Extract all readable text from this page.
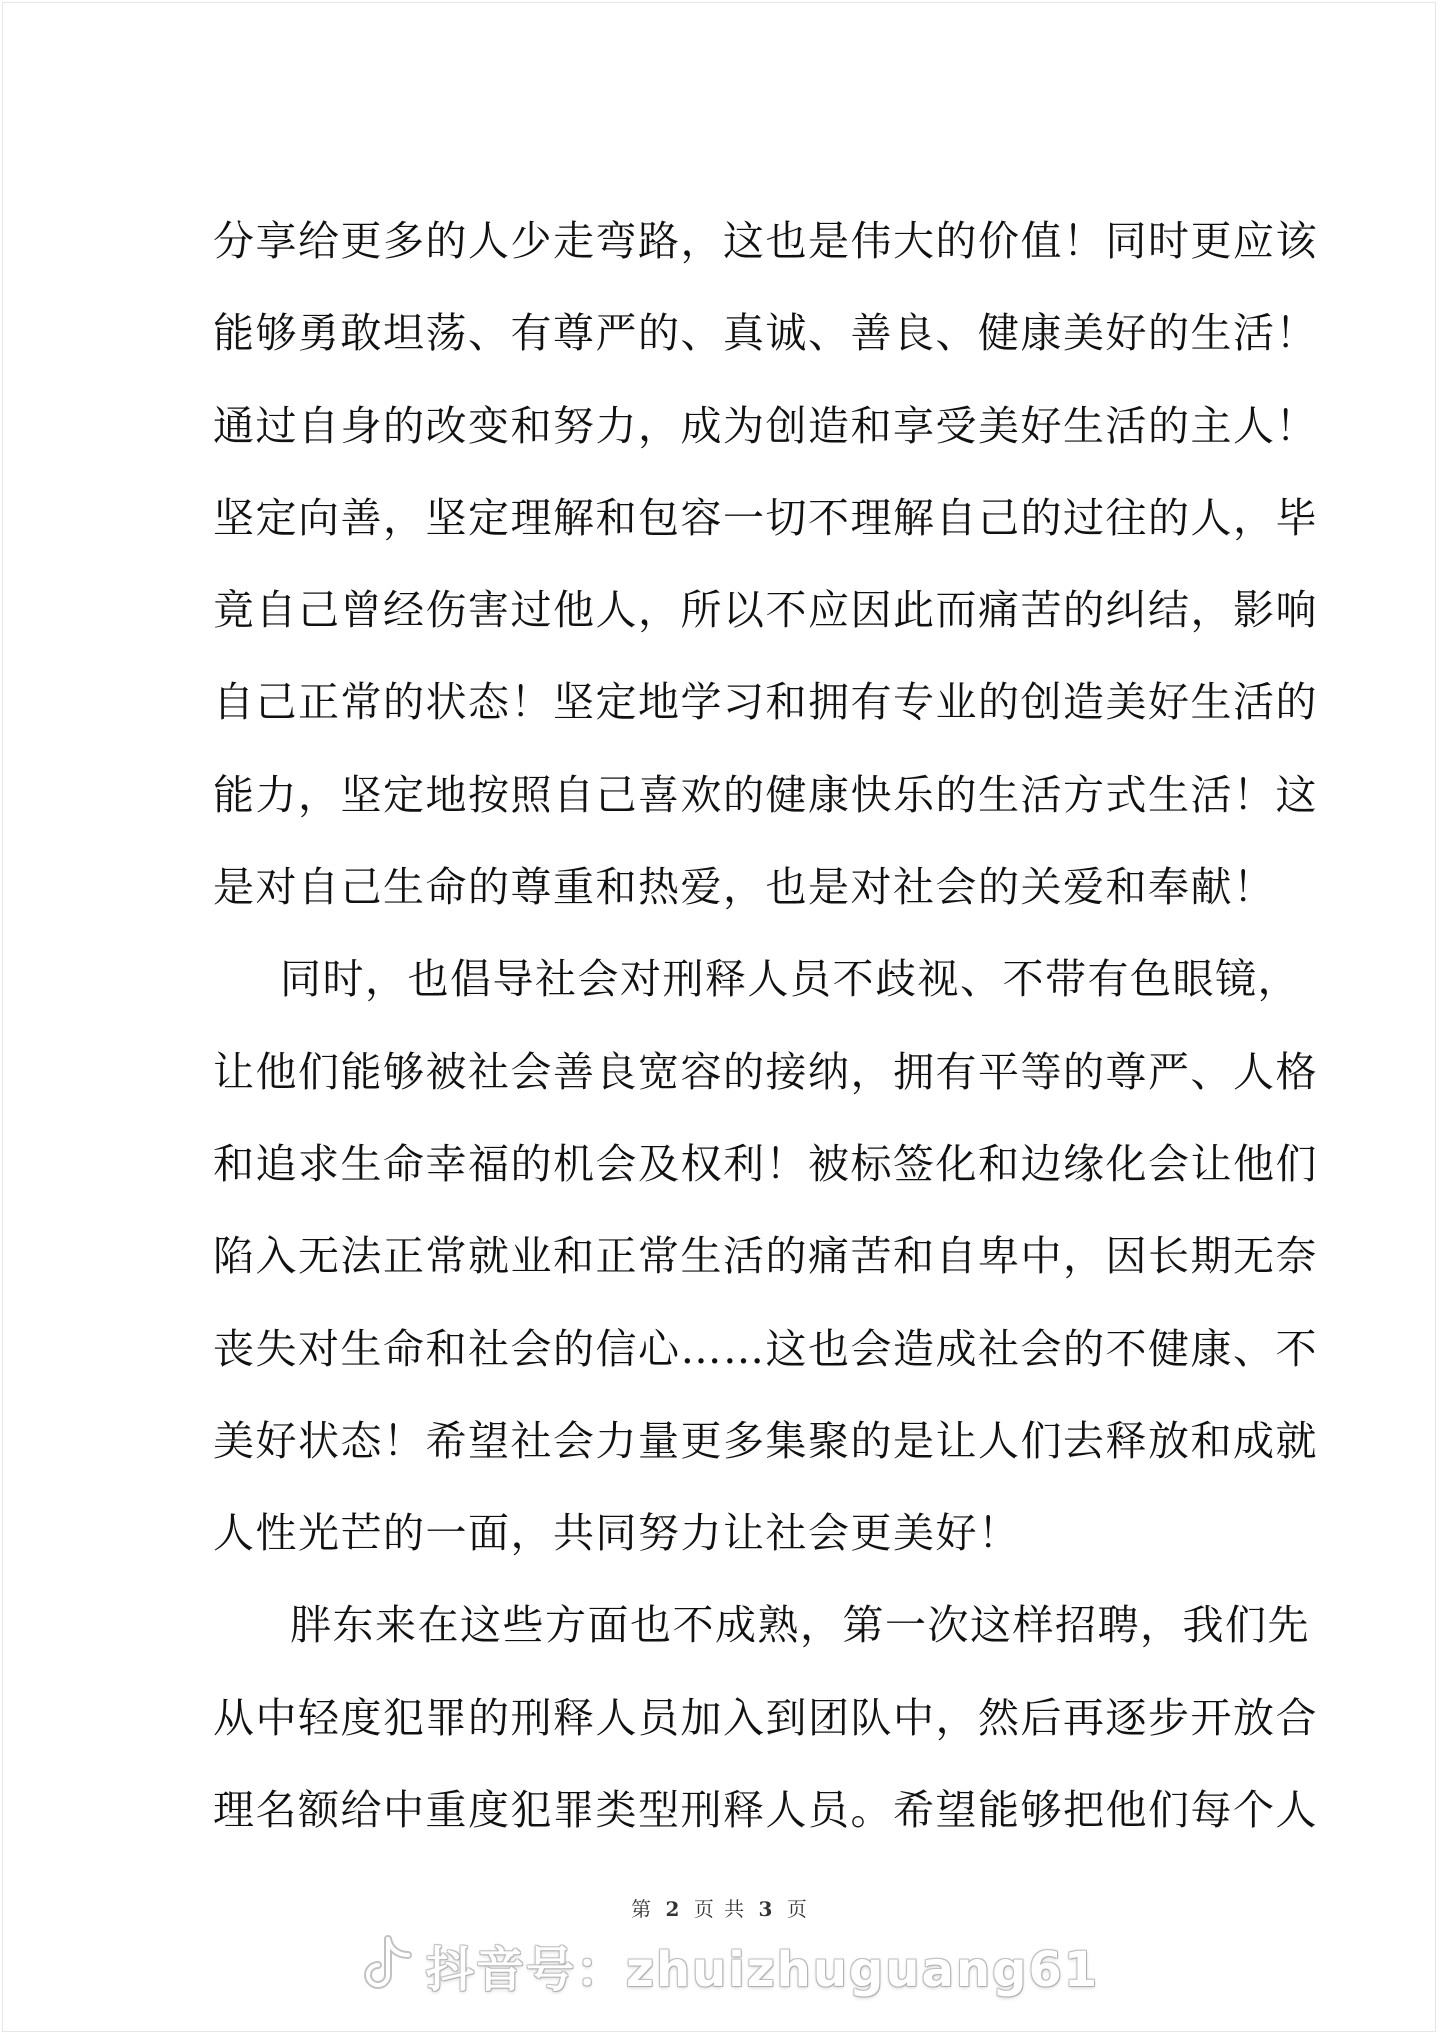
分享给更多的人少走弯路，这也是伟大的价值！同时更应该
能够勇敢坦荡、有尊严的、真诚、善良、健康美好的生活！
通过自身的改变和努力，成为创造和享受美好生活的主人！
坚定向善，坚定理解和包容一切不理解自己的过往的人，毕
竟自己曾经伤害过他人，所以不应因此而痛苦的纠结，影响
自己正常的状态！坚定地学习和拥有专业的创造美好生活的
能力，坚定地按照自己喜欢的健康快乐的生活方式生活！这
是对自己生命的尊重和热爱，也是对社会的关爱和奉献！
同时，也倡导社会对刑释人员不歧视、不带有色眼镜，
让他们能够被社会善良宽容的接纳，拥有平等的尊严、人格
和追求生命幸福的机会及权利！被标签化和边缘化会让他们
陷入无法正常就业和正常生活的痛苦和自卑中，因长期无奈
丧失对生命和社会的信心……这也会造成社会的不健康、不
美好状态！希望社会力量更多集聚的是让人们去释放和成就
人性光芒的一面，共同努力让社会更美好！
胖东来在这些方面也不成熟，第一次这样招聘，我们先
从中轻度犯罪的刑释人员加入到团队中，然后再逐步开放合
理名额给中重度犯罪类型刑释人员。希望能够把他们每个人
第 2 页 共 3 页
抖音号：zhuizhuguang61
